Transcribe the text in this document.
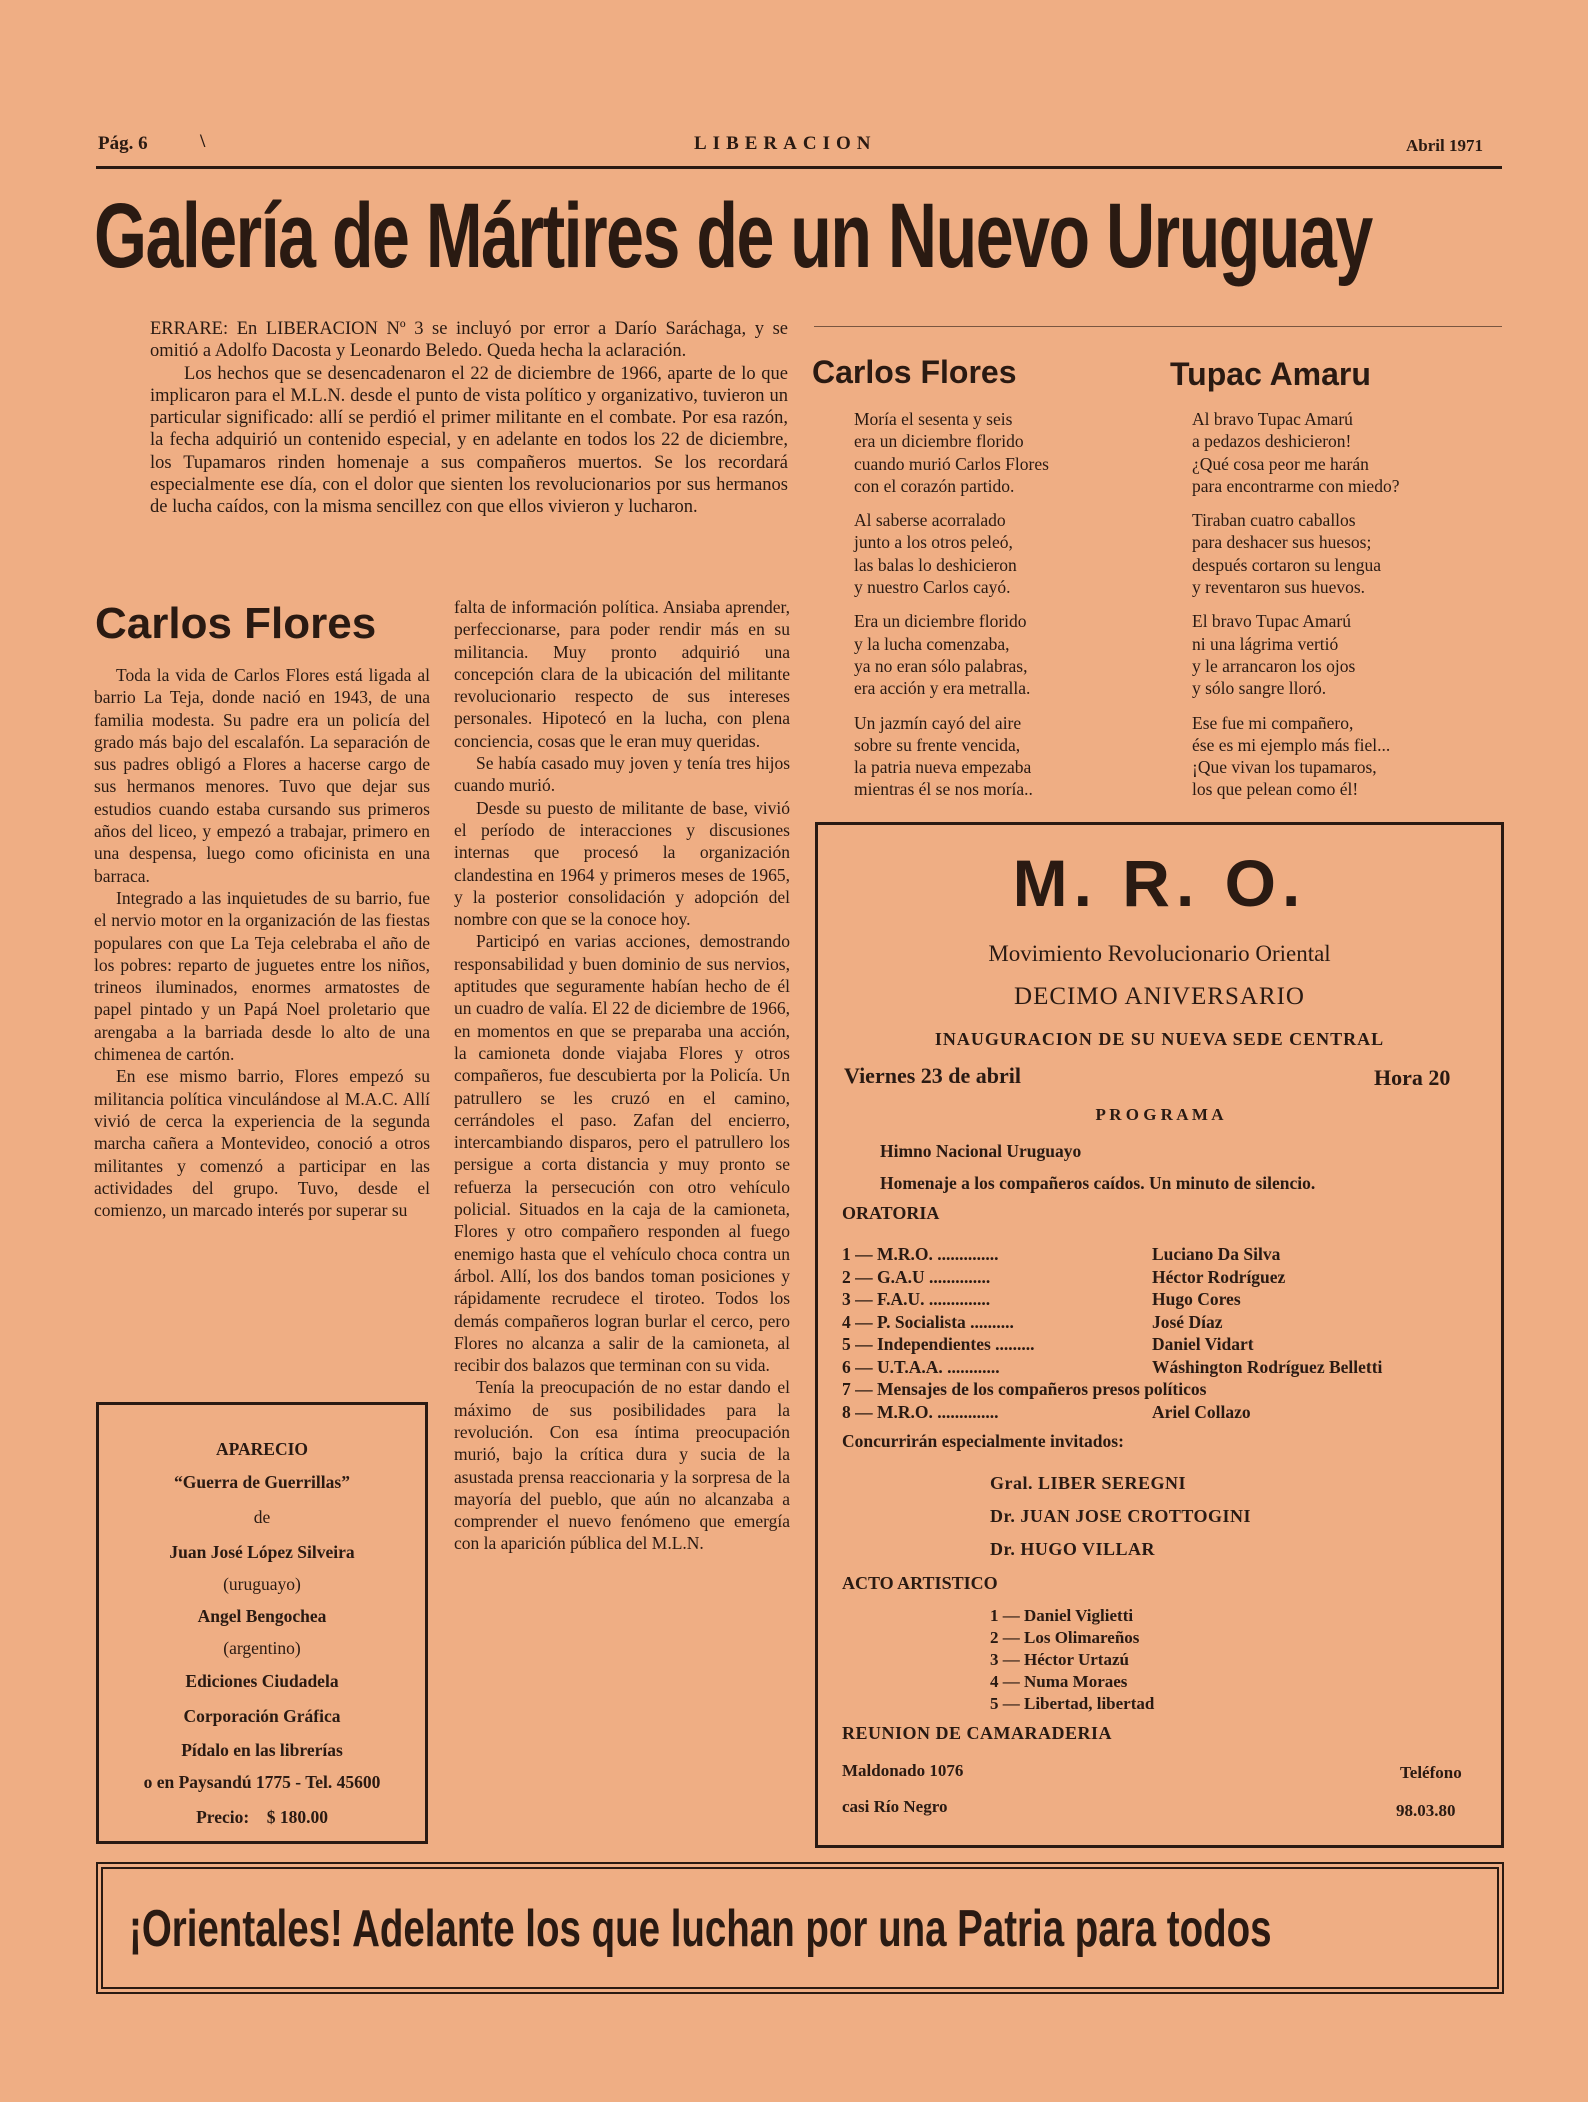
Pág. 6	\	LIBERACION	Abril 1971
Galería de Mártires de un Nuevo Uruguay

ERRARE: En LIBERACION Nº 3 se incluyó por error a Darío Saráchaga, y se omitió a Adolfo Dacosta y Leonardo Beledo. Queda hecha la aclaración.

Los hechos que se desencadenaron el 22 de diciembre de 1966, aparte de lo que implicaron para el M.L.N. desde el punto de vista político y organizativo, tuvieron un particular significado: allí se perdió el primer militante en el combate. Por esa razón, la fecha adquirió un contenido especial, y en adelante en todos los 22 de diciembre, los Tupamaros rinden homenaje a sus compañeros muertos. Se los recordará especialmente ese día, con el dolor que sienten los revolucionarios por sus hermanos de lucha caídos, con la misma sencillez con que ellos vivieron y lucharon.

Carlos Flores

Toda la vida de Carlos Flores está ligada al barrio La Teja, donde nació en 1943, de una familia modesta. Su padre era un policía del grado más bajo del escalafón. La separación de sus padres obligó a Flores a hacerse cargo de sus hermanos menores. Tuvo que dejar sus estudios cuando estaba cursando sus primeros años del liceo, y empezó a trabajar, primero en una despensa, luego como oficinista en una barraca.

Integrado a las inquietudes de su barrio, fue el nervio motor en la organización de las fiestas populares con que La Teja celebraba el año de los pobres: reparto de juguetes entre los niños, trineos iluminados, enormes armatostes de papel pintado y un Papá Noel proletario que arengaba a la barriada desde lo alto de una chimenea de cartón.

En ese mismo barrio, Flores empezó su militancia política vinculándose al M.A.C. Allí vivió de cerca la experiencia de la segunda marcha cañera a Montevideo, conoció a otros militantes y comenzó a participar en las actividades del grupo. Tuvo, desde el comienzo, un marcado interés por superar su

APARECIO
“Guerra de Guerrillas”
de
Juan José López Silveira
(uruguayo)
Angel Bengochea
(argentino)
Ediciones Ciudadela
Corporación Gráfica
Pídalo en las librerías
o en Paysandú 1775 - Tel. 45600
Precio: $ 180.00

falta de información política. Ansiaba aprender, perfeccionarse, para poder rendir más en su militancia. Muy pronto adquirió una concepción clara de la ubicación del militante revolucionario respecto de sus intereses personales. Hipotecó en la lucha, con plena conciencia, cosas que le eran muy queridas.

Se había casado muy joven y tenía tres hijos cuando murió.

Desde su puesto de militante de base, vivió el período de interacciones y discusiones internas que procesó la organización clandestina en 1964 y primeros meses de 1965, y la posterior consolidación y adopción del nombre con que se la conoce hoy.

Participó en varias acciones, demostrando responsabilidad y buen dominio de sus nervios, aptitudes que seguramente habían hecho de él un cuadro de valía. El 22 de diciembre de 1966, en momentos en que se preparaba una acción, la camioneta donde viajaba Flores y otros compañeros, fue descubierta por la Policía. Un patrullero se les cruzó en el camino, cerrándoles el paso. Zafan del encierro, intercambiando disparos, pero el patrullero los persigue a corta distancia y muy pronto se refuerza la persecución con otro vehículo policial. Situados en la caja de la camioneta, Flores y otro compañero responden al fuego enemigo hasta que el vehículo choca contra un árbol. Allí, los dos bandos toman posiciones y rápidamente recrudece el tiroteo. Todos los demás compañeros logran burlar el cerco, pero Flores no alcanza a salir de la camioneta, al recibir dos balazos que terminan con su vida.

Tenía la preocupación de no estar dando el máximo de sus posibilidades para la revolución. Con esa íntima preocupación murió, bajo la crítica dura y sucia de la asustada prensa reaccionaria y la sorpresa de la mayoría del pueblo, que aún no alcanzaba a comprender el nuevo fenómeno que emergía con la aparición pública del M.L.N.

Carlos Flores	Tupac Amaru
Moría el sesenta y seis
era un diciembre florido
cuando murió Carlos Flores
con el corazón partido.
Al saberse acorralado
junto a los otros peleó,
las balas lo deshicieron
y nuestro Carlos cayó.
Era un diciembre florido
y la lucha comenzaba,
ya no eran sólo palabras,
era acción y era metralla.
Un jazmín cayó del aire
sobre su frente vencida,
la patria nueva empezaba
mientras él se nos moría..
Al bravo Tupac Amarú
a pedazos deshicieron!
¿Qué cosa peor me harán
para encontrarme con miedo?
Tiraban cuatro caballos
para deshacer sus huesos;
después cortaron su lengua
y reventaron sus huevos.
El bravo Tupac Amarú
ni una lágrima vertió
y le arrancaron los ojos
y sólo sangre lloró.
Ese fue mi compañero,
ése es mi ejemplo más fiel...
¡Que vivan los tupamaros,
los que pelean como él!
M. R. O.
Movimiento Revolucionario Oriental
DECIMO ANIVERSARIO
INAUGURACION DE SU NUEVA SEDE CENTRAL
Viernes 23 de abril	Hora 20
P R O G R A M A
Himno Nacional Uruguayo
Homenaje a los compañeros caídos. Un minuto de silencio.
ORATORIA
1 — M.R.O. ..............	Luciano Da Silva
2 — G.A.U ..............	Héctor Rodríguez
3 — F.A.U. ..............	Hugo Cores
4 — P. Socialista ..........	José Díaz
5 — Independientes .........	Daniel Vidart
6 — U.T.A.A. ............	Wáshington Rodríguez Belletti
7 — Mensajes de los compañeros presos políticos
8 — M.R.O. ..............	Ariel Collazo
Concurrirán especialmente invitados:
Gral. LIBER SEREGNI
Dr. JUAN JOSE CROTTOGINI
Dr. HUGO VILLAR
ACTO ARTISTICO
1 — Daniel Viglietti
2 — Los Olimareños
3 — Héctor Urtazú
4 — Numa Moraes
5 — Libertad, libertad
REUNION DE CAMARADERIA
Maldonado 1076
casi Río Negro
Teléfono
98.03.80
¡Orientales! Adelante los que luchan por una Patria para todos
